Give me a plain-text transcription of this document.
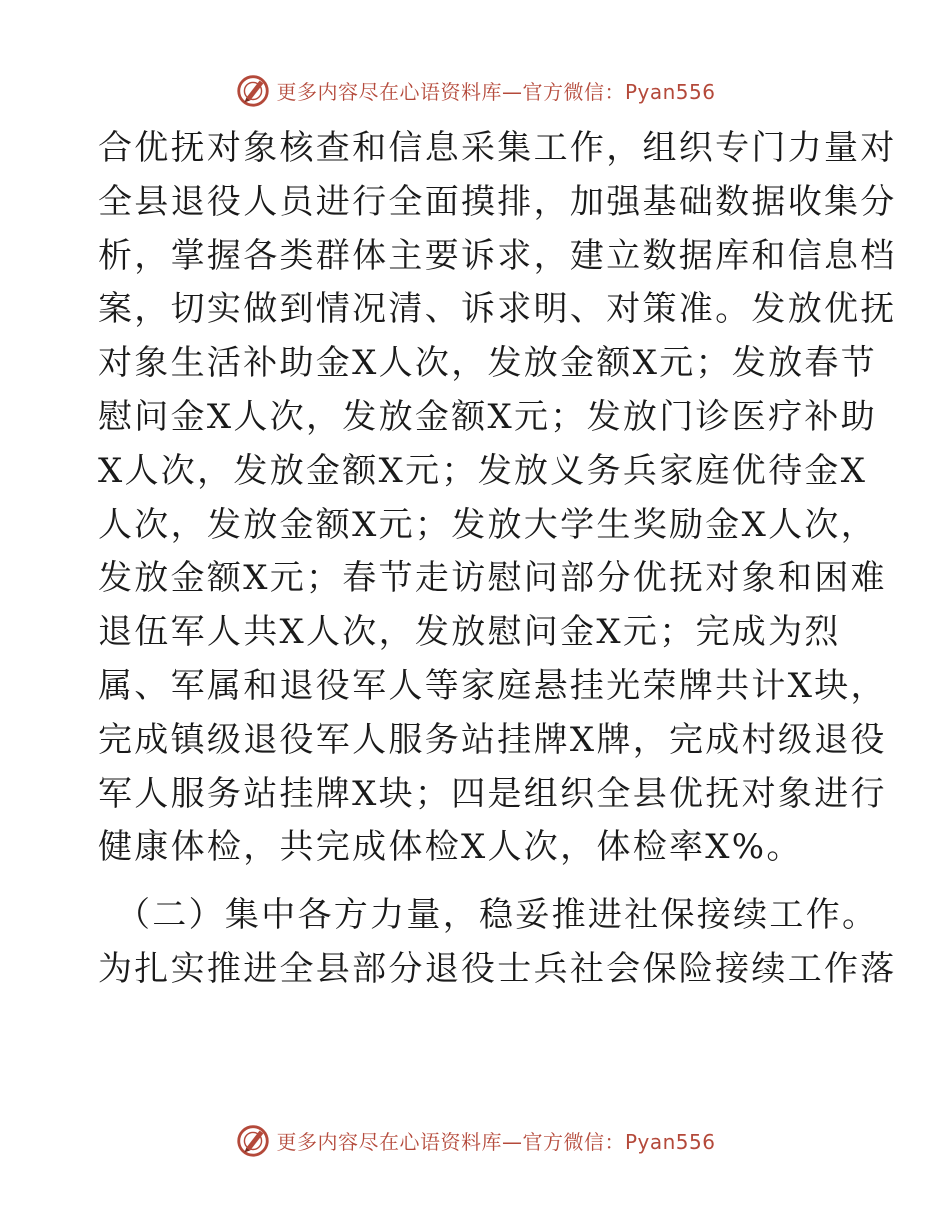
更多内容尽在心语资料库—官方微信：Pyan556
合优抚对象核查和信息采集工作，组织专门力量对
全县退役人员进行全面摸排，加强基础数据收集分
析，掌握各类群体主要诉求，建立数据库和信息档
案，切实做到情况清、诉求明、对策准。发放优抚
对象生活补助金X人次，发放金额X元；发放春节
慰问金X人次，发放金额X元；发放门诊医疗补助
X人次，发放金额X元；发放义务兵家庭优待金X
人次，发放金额X元；发放大学生奖励金X人次，
发放金额X元；春节走访慰问部分优抚对象和困难
退伍军人共X人次，发放慰问金X元；完成为烈
属、军属和退役军人等家庭悬挂光荣牌共计X块，
完成镇级退役军人服务站挂牌X牌，完成村级退役
军人服务站挂牌X块；四是组织全县优抚对象进行
健康体检，共完成体检X人次，体检率X%。
（二）集中各方力量，稳妥推进社保接续工作。
为扎实推进全县部分退役士兵社会保险接续工作落
更多内容尽在心语资料库—官方微信：Pyan556
